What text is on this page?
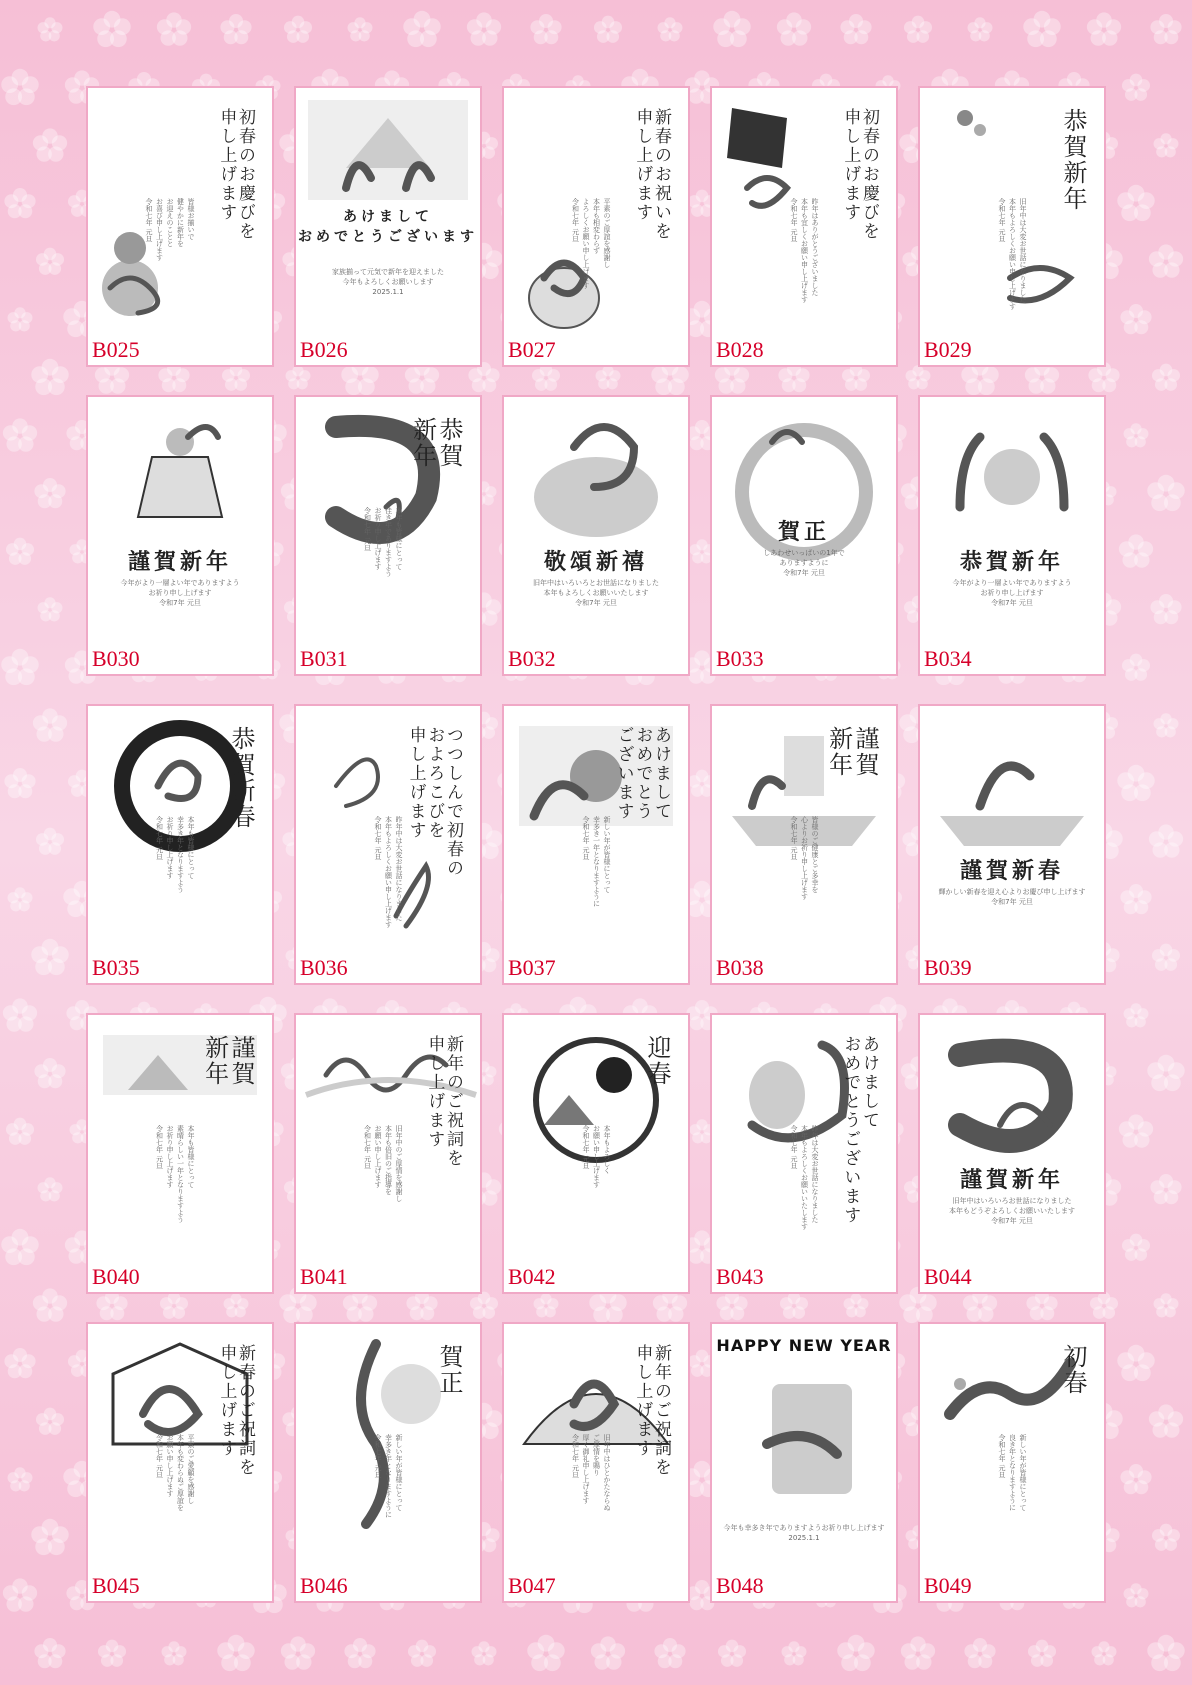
初春のお慶びを
申し上げます
皆様お揃いで
健やかに新年を
お迎えのことと
お喜び申し上げます
令和七年 元旦
B025
あけまして
おめでとうございます
家族揃って元気で新年を迎えました
今年もよろしくお願いします
2025.1.1
B026
新春のお祝いを
申し上げます
平素のご厚誼を感謝し
本年も相変わらず
よろしくお願い申し上げます
令和七年 元旦
B027
初春のお慶びを
申し上げます
昨年はありがとうございました
本年も宜しくお願い申し上げます
令和七年 元旦
B028
恭賀新年
旧年中は大変お世話になりました
本年もよろしくお願い申し上げます
令和七年 元旦
B029
謹賀新年
今年がより一層よい年でありますよう
お祈り申し上げます
令和7年 元旦
B030
恭賀
新年
本年も皆様にとって
佳き年でありますよう
お祈り申し上げます
令和七年 元旦
B031
敬頌新禧
旧年中はいろいろとお世話になりました
本年もよろしくお願いいたします
令和7年 元旦
B032
賀正
しあわせいっぱいの1年で
ありますように
令和7年 元旦
B033
恭賀新年
今年がより一層よい年でありますよう
お祈り申し上げます
令和7年 元旦
B034
恭賀新春
本年も皆様にとって
幸多き年となりますよう
お祈り申し上げます
令和七年 元旦
B035
つつしんで初春の
およろこびを
申し上げます
昨年中は大変お世話になりました
本年もよろしくお願い申し上げます
令和七年 元旦
B036
あけまして
おめでとう
ございます
新しい年が皆様にとって
幸多き一年となりますように
令和七年 元旦
B037
謹賀
新年
皆様のご健康とご多幸を
心よりお祈り申し上げます
令和七年 元旦
B038
謹賀新春
輝かしい新春を迎え心よりお慶び申し上げます
令和7年 元旦
B039
謹賀
新年
本年も皆様にとって
素晴らしい一年となりますよう
お祈り申し上げます
令和七年 元旦
B040
新年のご祝詞を
申し上げます
旧年中のご厚情を感謝し
本年も倍旧のご指導を
お願い申し上げます
令和七年 元旦
B041
迎春
本年もよろしく
お願い申し上げます
令和七年 元旦
B042
あけまして
おめでとうございます
昨年は大変お世話になりました
本年もよろしくお願いいたします
令和七年 元旦
B043
謹賀新年
旧年中はいろいろお世話になりました
本年もどうぞよろしくお願いいたします
令和7年 元旦
B044
新春のご祝詞を
申し上げます
平素のご愛顧を感謝し
本年も変わらぬご厚誼を
お願い申し上げます
令和七年 元旦
B045
賀正
新しい年が皆様にとって
幸多き年となりますように
令和七年 元旦
B046
新年のご祝詞を
申し上げます
旧年中はひとかたならぬ
ご厚情を賜り
厚く御礼申し上げます
令和七年 元旦
B047
HAPPY NEW YEAR
今年も幸多き年でありますようお祈り申し上げます
2025.1.1
B048
初春
新しい年が皆様にとって
良き年となりますように
令和七年 元旦
B049
